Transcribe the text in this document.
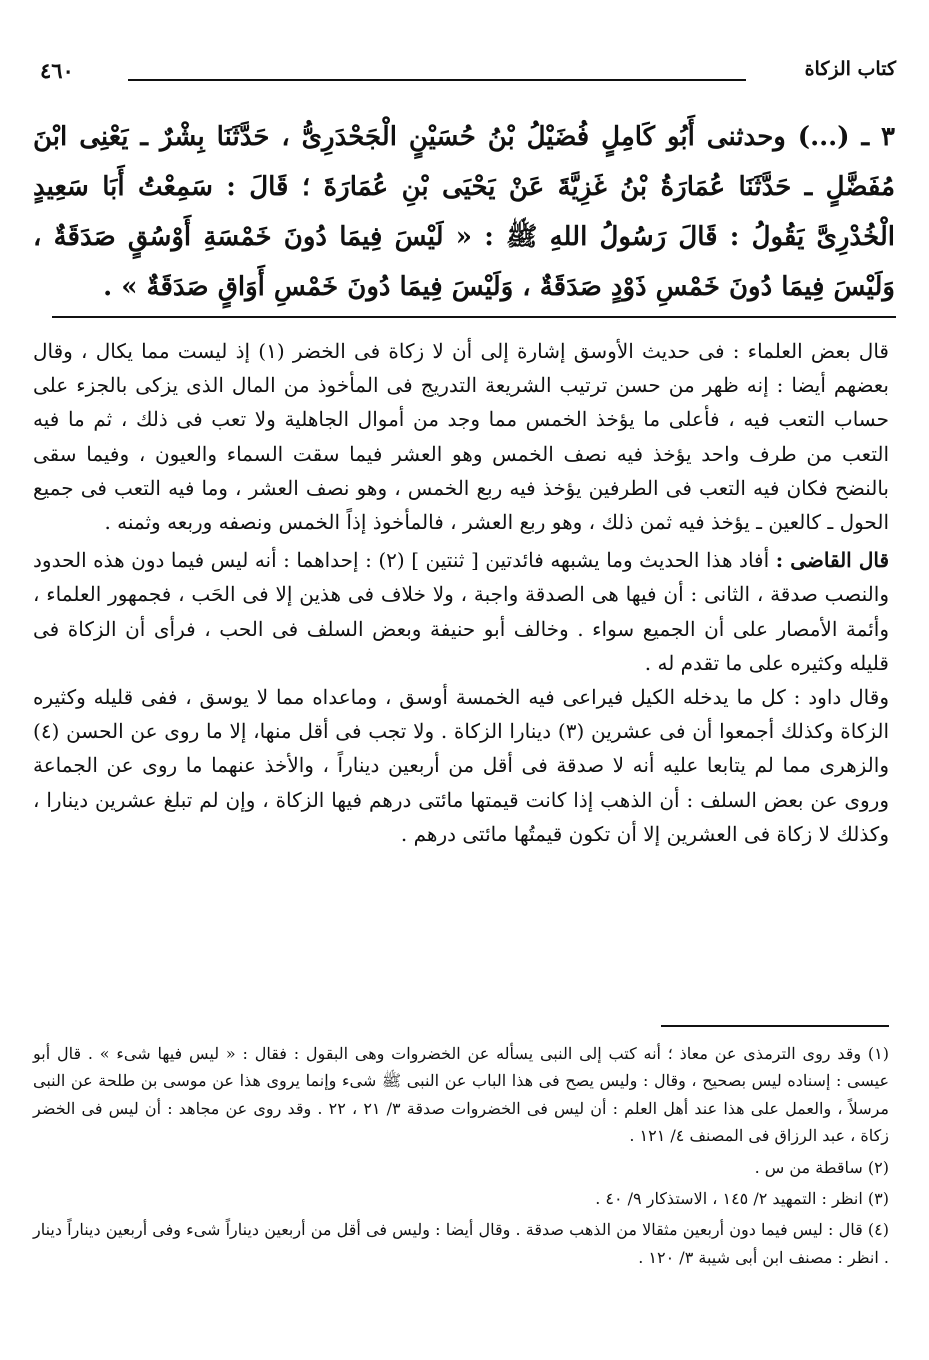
كتاب الزكاة
٤٦٠

٣ ـ (...) وحدثنى أَبُو كَامِلٍ فُضَيْلُ بْنُ حُسَيْنٍ الْجَحْدَرِىُّ ، حَدَّثَنَا بِشْرٌ ـ يَعْنِى ابْنَ مُفَضَّلٍ ـ حَدَّثَنَا عُمَارَةُ بْنُ غَزِيَّةَ عَنْ يَحْيَى بْنِ عُمَارَةَ ؛ قَالَ : سَمِعْتُ أَبَا سَعِيدٍ الْخُدْرِىَّ يَقُولُ : قَالَ رَسُولُ اللهِ ﷺ : « لَيْسَ فِيمَا دُونَ خَمْسَةِ أَوْسُقٍ صَدَقَةٌ ، وَلَيْسَ فِيمَا دُونَ خَمْسِ ذَوْدٍ صَدَقَةٌ ، وَلَيْسَ فِيمَا دُونَ خَمْسِ أَوَاقٍ صَدَقَةٌ » .

قال بعض العلماء : فى حديث الأوسق إشارة إلى أن لا زكاة فى الخضر (١) إذ ليست مما يكال ، وقال بعضهم أيضا : إنه ظهر من حسن ترتيب الشريعة التدريج فى المأخوذ من المال الذى يزكى بالجزء على حساب التعب فيه ، فأعلى ما يؤخذ الخمس مما وجد من أموال الجاهلية ولا تعب فى ذلك ، ثم ما فيه التعب من طرف واحد يؤخذ فيه نصف الخمس وهو العشر فيما سقت السماء والعيون ، وفيما سقى بالنضح فكان فيه التعب فى الطرفين يؤخذ فيه ربع الخمس ، وهو نصف العشر ، وما فيه التعب فى جميع الحول ـ كالعين ـ يؤخذ فيه ثمن ذلك ، وهو ربع العشر ، فالمأخوذ إذاً الخمس ونصفه وربعه وثمنه .

قال القاضى : أفاد هذا الحديث وما يشبهه فائدتين [ ثنتين ] (٢) : إحداهما : أنه ليس فيما دون هذه الحدود والنصب صدقة ، الثانى : أن فيها هى الصدقة واجبة ، ولا خلاف فى هذين إلا فى الحَب ، فجمهور العلماء ، وأئمة الأمصار على أن الجميع سواء . وخالف أبو حنيفة وبعض السلف فى الحب ، فرأى أن الزكاة فى قليله وكثيره على ما تقدم له .

وقال داود : كل ما يدخله الكيل فيراعى فيه الخمسة أوسق ، وماعداه مما لا يوسق ، ففى قليله وكثيره الزكاة وكذلك أجمعوا أن فى عشرين (٣) دينارا الزكاة . ولا تجب فى أقل منها، إلا ما روى عن الحسن (٤) والزهرى مما لم يتابعا عليه أنه لا صدقة فى أقل من أربعين ديناراً ، والأخذ عنهما ما روى عن الجماعة وروى عن بعض السلف : أن الذهب إذا كانت قيمتها مائتى درهم فيها الزكاة ، وإن لم تبلغ عشرين دينارا ، وكذلك لا زكاة فى العشرين إلا أن تكون قيمتُها مائتى درهم .

(١) وقد روى الترمذى عن معاذ ؛ أنه كتب إلى النبى يسأله عن الخضروات وهى البقول : فقال : « ليس فيها شىء » . قال أبو عيسى : إسناده ليس بصحيح ، وقال : وليس يصح فى هذا الباب عن النبى ﷺ شىء وإنما يروى هذا عن موسى بن طلحة عن النبى مرسلاً ، والعمل على هذا عند أهل العلم : أن ليس فى الخضروات صدقة ٣/ ٢١ ، ٢٢ . وقد روى عن مجاهد : أن ليس فى الخضر زكاة ، عبد الرزاق فى المصنف ٤/ ١٢١ .

(٢) ساقطة من س .

(٣) انظر : التمهيد ٢/ ١٤٥ ، الاستذكار ٩/ ٤٠ .

(٤) قال : ليس فيما دون أربعين مثقالا من الذهب صدقة . وقال أيضا : وليس فى أقل من أربعين ديناراً شىء وفى أربعين ديناراً دينار . انظر : مصنف ابن أبى شيبة ٣/ ١٢٠ .
